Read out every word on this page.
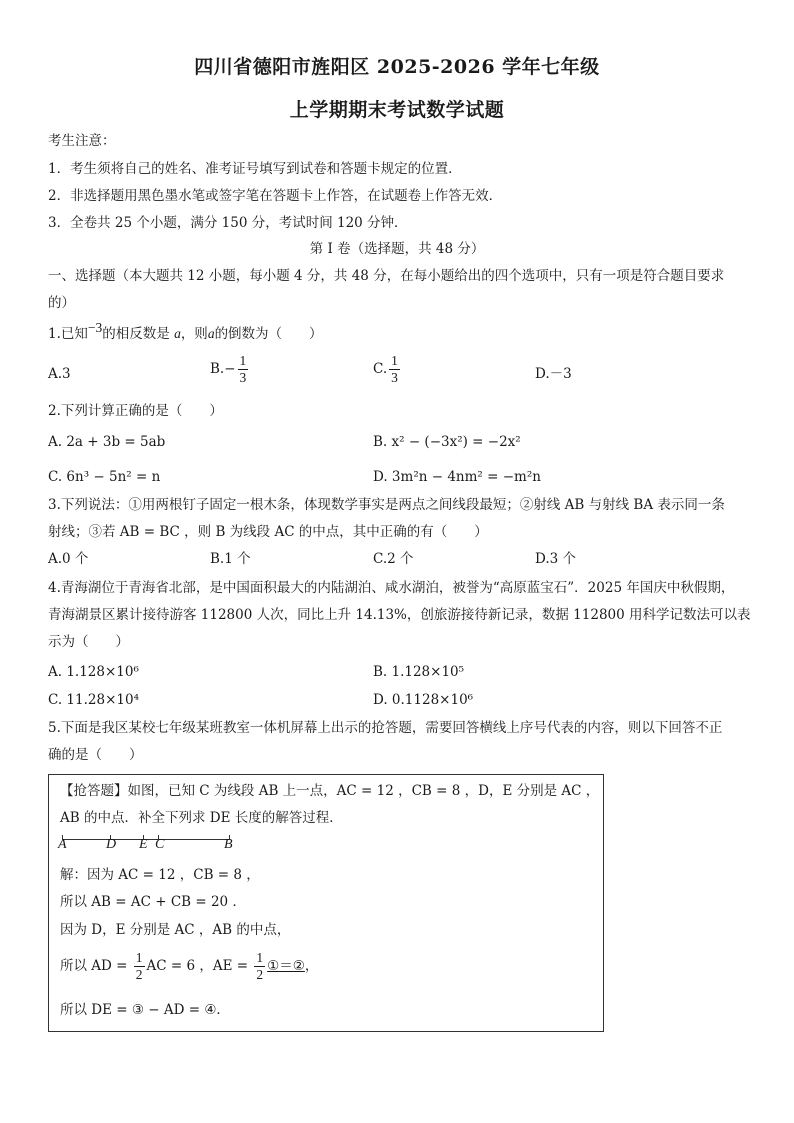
四川省德阳市旌阳区 2025-2026 学年七年级
上学期期末考试数学试题
考生注意：
1．考生须将自己的姓名、准考证号填写到试卷和答题卡规定的位置．
2．非选择题用黑色墨水笔或签字笔在答题卡上作答，在试题卷上作答无效．
3．全卷共 25 个小题，满分 150 分，考试时间 120 分钟．
第 I 卷（选择题，共 48 分）
一、选择题（本大题共 12 小题，每小题 4 分，共 48 分，在每小题给出的四个选项中，只有一项是符合题目要求
的）
1.已知−3的相反数是 a，则a的倒数为（　　）
A.3	$B.- \frac{1}{3}$	C. $\frac{1}{3}$	D.－3
2.下列计算正确的是（　　）
A. 2a + 3b = 5ab	B. x² − (−3x²) = −2x²
C. 6n³ − 5n² = n	D. 3m²n − 4nm² = −m²n
3.下列说法：①用两根钉子固定一根木条，体现数学事实是两点之间线段最短；②射线 AB 与射线 BA 表示同一条
射线；③若 AB = BC ，则 B 为线段 AC 的中点，其中正确的有（　　）
A.0 个	B.1 个	C.2 个	D.3 个
4.青海湖位于青海省北部，是中国面积最大的内陆湖泊、咸水湖泊，被誉为“高原蓝宝石”．2025 年国庆中秋假期，
青海湖景区累计接待游客 112800 人次，同比上升 14.13%，创旅游接待新记录，数据 112800 用科学记数法可以表
示为（　　）
A. 1.128×10⁶	B. 1.128×10⁵
C. 11.28×10⁴	D. 0.1128×10⁶
5.下面是我区某校七年级某班教室一体机屏幕上出示的抢答题，需要回答横线上序号代表的内容，则以下回答不正
确的是（　　）
【抢答题】如图，已知 C 为线段 AB 上一点，AC = 12 ，CB = 8 ，D，E 分别是 AC ，
AB 的中点．补全下列求 DE 长度的解答过程．
A	D E C	B
解：因为 AC = 12 ，CB = 8 ，
所以 AB = AC + CB = 20 ．
因为 D，E 分别是 AC ，AB 的中点，
所以 AD = $\frac{1}{2}$ AC = 6 ，AE = $\frac{1}{2}$ ①＝②，
所以 DE = ③ − AD = ④．
